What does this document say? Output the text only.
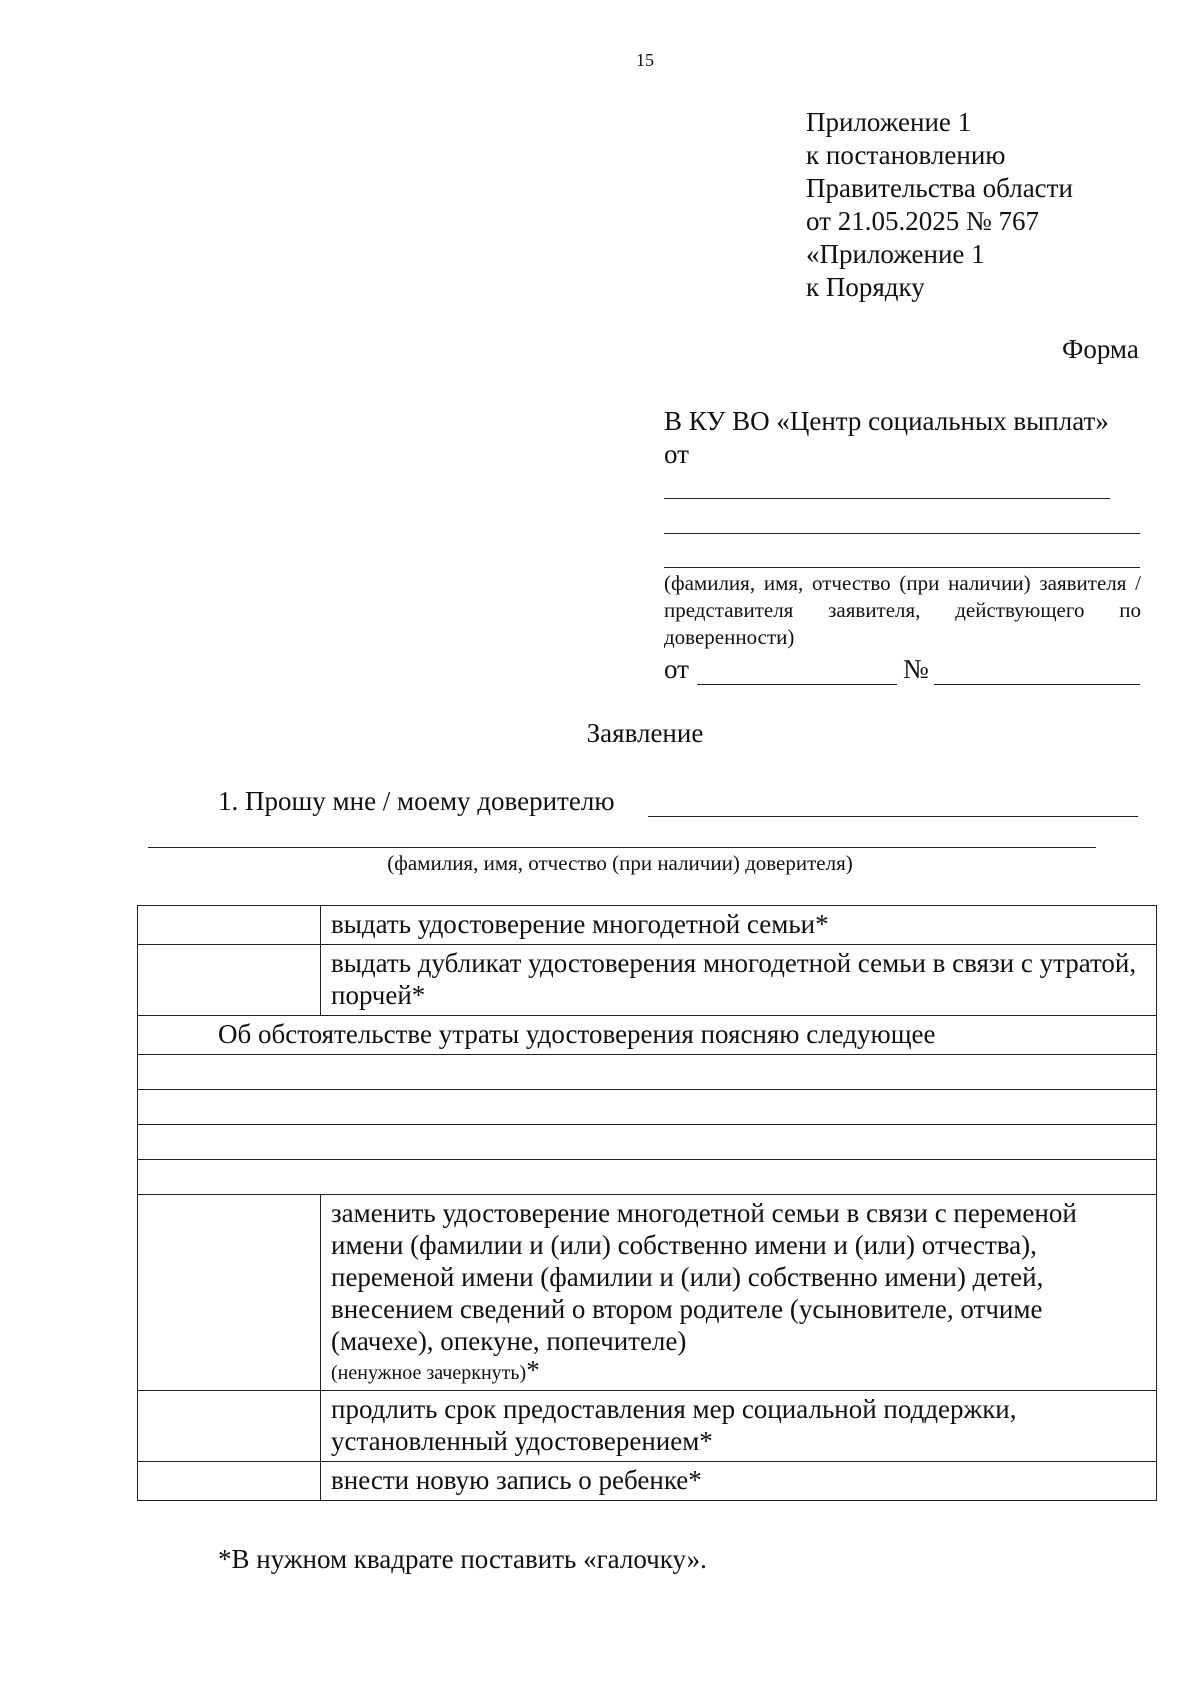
15
Приложение 1
к постановлению
Правительства области
от 21.05.2025 № 767
«Приложение 1
к Порядку
Форма
В КУ ВО «Центр социальных выплат»
от
(фамилия, имя, отчество (при наличии) заявителя / представителя заявителя, действующего по доверенности)
от	№
Заявление
1. Прошу мне / моему доверителю
(фамилия, имя, отчество (при наличии) доверителя)
	выдать удостоверение многодетной семьи*
	выдать дубликат удостоверения многодетной семьи в связи с утратой, порчей*
Об обстоятельстве утраты удостоверения поясняю следующее	

	заменить удостоверение многодетной семьи в связи с переменой имени (фамилии и (или) собственно имени и (или) отчества), переменой имени (фамилии и (или) собственно имени) детей, внесением сведений о втором родителе (усыновителе, отчиме (мачехе), опекуне, попечителе)
(ненужное зачеркнуть)*

	продлить срок предоставления мер социальной поддержки, установленный удостоверением*
	внести новую запись о ребенке*
*В нужном квадрате поставить «галочку».
